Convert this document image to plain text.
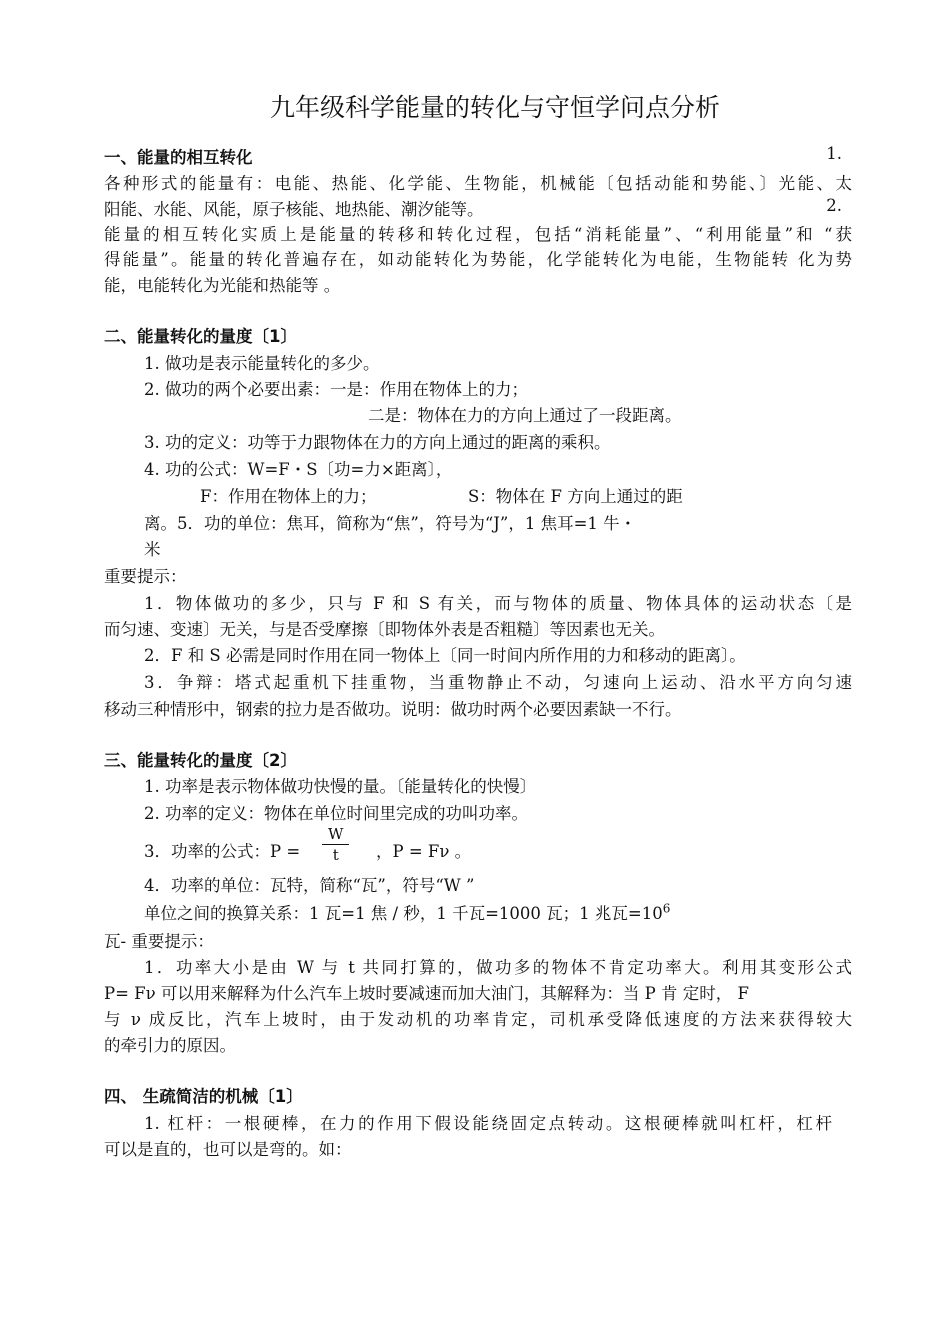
九年级科学能量的转化与守恒学问点分析
一、能量的相互转化	1.
各种形式的能量有：电能、热能、化学能、生物能，机械能〔包括动能和势能、〕光能、太
阳能、水能、风能，原子核能、地热能、潮汐能等。	2.
能量的相互转化实质上是能量的转移和转化过程，包括“消耗能量”、“利用能量”和 “获
得能量”。能量的转化普遍存在，如动能转化为势能，化学能转化为电能，生物能转 化为势
能，电能转化为光能和热能等 。
二、能量转化的量度〔1〕
1. 做功是表示能量转化的多少。
2. 做功的两个必要出素：一是：作用在物体上的力；
二是：物体在力的方向上通过了一段距离。
3. 功的定义：功等于力跟物体在力的方向上通过的距离的乘积。
4. 功的公式：W=F・S〔功=力×距离〕，
F：作用在物体上的力；	S：物体在 F 方向上通过的距
离。5．功的单位：焦耳，简称为“焦”，符号为“J”，1 焦耳=1 牛・
米
重要提示：
1．物体做功的多少，只与 F 和 S 有关，而与物体的质量、物体具体的运动状态〔是
而匀速、变速〕无关，与是否受摩擦〔即物体外表是否粗糙〕等因素也无关。
2．F 和 S 必需是同时作用在同一物体上〔同一时间内所作用的力和移动的距离〕。
3．争辩：塔式起重机下挂重物，当重物静止不动，匀速向上运动、沿水平方向匀速
移动三种情形中，钢索的拉力是否做功。说明：做功时两个必要因素缺一不行。
三、能量转化的量度〔2〕
1. 功率是表示物体做功快慢的量。〔能量转化的快慢〕
2. 功率的定义：物体在单位时间里完成的功叫功率。
3．功率的公式：$P = \frac{W}{t}$ ，P = Fν 。
4．功率的单位：瓦特，简称“瓦”，符号“W ”
单位之间的换算关系：1 瓦=1 焦 / 秒，1 千瓦=1000 瓦；1 兆瓦$=10^6$
瓦- 重要提示：
1．功率大小是由 W 与 t 共同打算的，做功多的物体不肯定功率大。利用其变形公式
P= Fν 可以用来解释为什么汽车上坡时要减速而加大油门，其解释为：当 P 肯 定时， F
与 ν 成反比，汽车上坡时，由于发动机的功率肯定，司机承受降低速度的方法来获得较大
的牵引力的原因。
四、 生疏简洁的机械〔1〕
1. 杠杆：一根硬棒，在力的作用下假设能绕固定点转动。这根硬棒就叫杠杆，杠杆
可以是直的，也可以是弯的。如：
